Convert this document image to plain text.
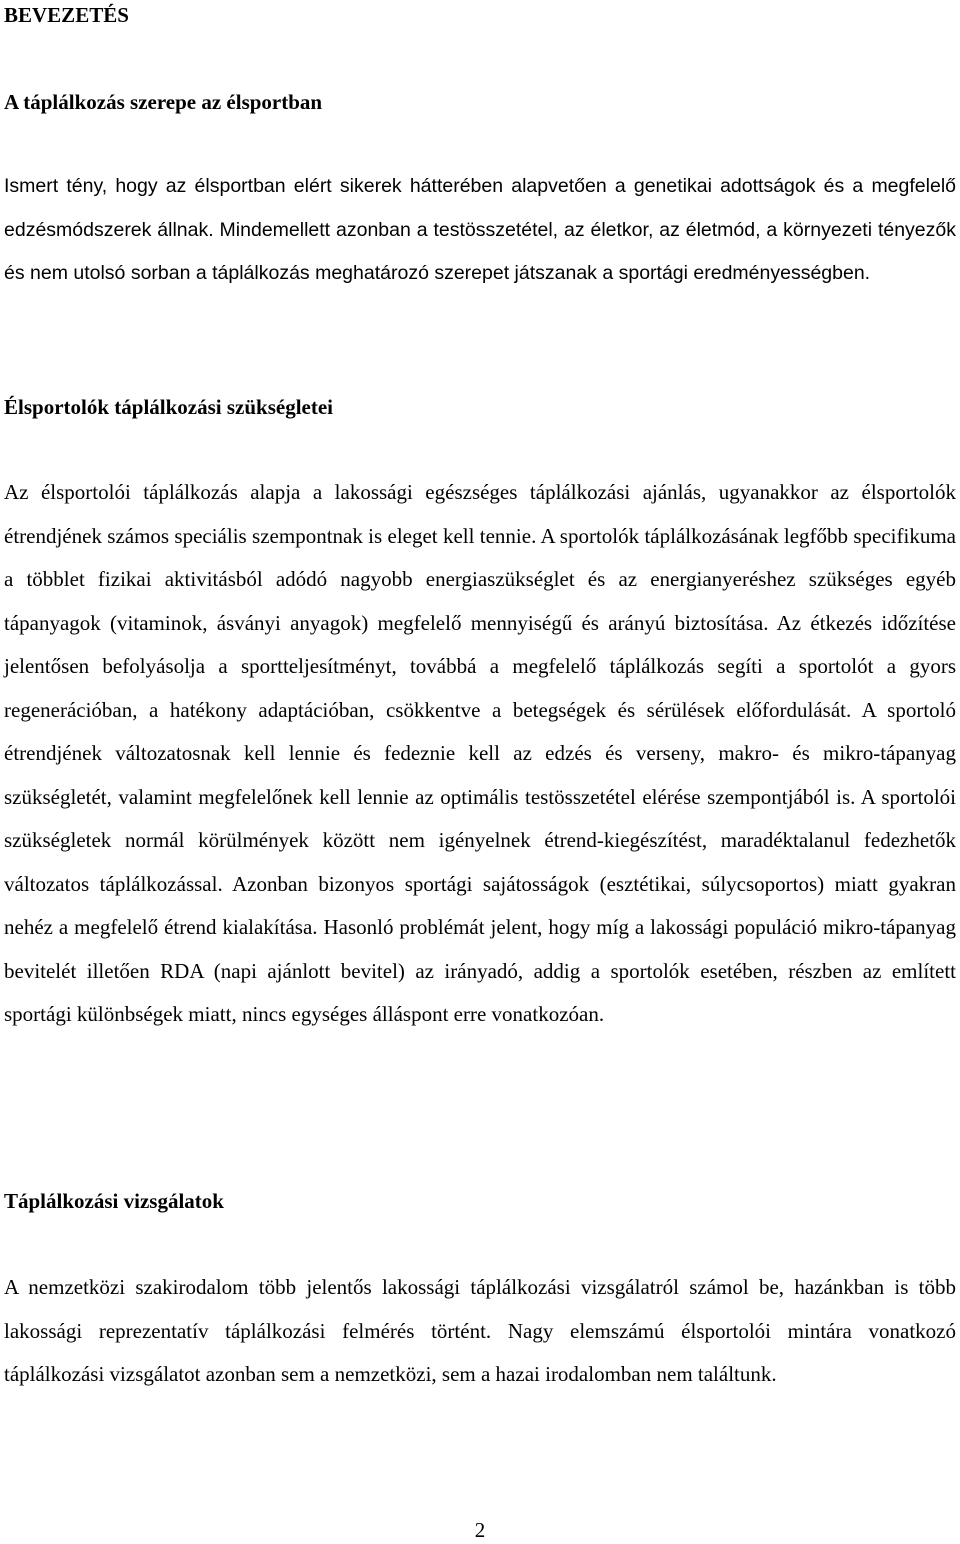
BEVEZETÉS
A táplálkozás szerepe az élsportban

Ismert tény, hogy az élsportban elért sikerek hátterében alapvetően a genetikai adottságok és a megfelelő edzésmódszerek állnak. Mindemellett azonban a testösszetétel, az életkor, az életmód, a környezeti tényezők és nem utolsó sorban a táplálkozás meghatározó szerepet játszanak a sportági eredményességben.

Élsportolók táplálkozási szükségletei

Az élsportolói táplálkozás alapja a lakossági egészséges táplálkozási ajánlás, ugyanakkor az élsportolók étrendjének számos speciális szempontnak is eleget kell tennie. A sportolók táplálkozásának legfőbb specifikuma a többlet fizikai aktivitásból adódó nagyobb energiaszükséglet és az energianyeréshez szükséges egyéb tápanyagok (vitaminok, ásványi anyagok) megfelelő mennyiségű és arányú biztosítása. Az étkezés időzítése jelentősen befolyásolja a sportteljesítményt, továbbá a megfelelő táplálkozás segíti a sportolót a gyors regenerációban, a hatékony adaptációban, csökkentve a betegségek és sérülések előfordulását. A sportoló étrendjének változatosnak kell lennie és fedeznie kell az edzés és verseny, makro- és mikro-tápanyag szükségletét, valamint megfelelőnek kell lennie az optimális testösszetétel elérése szempontjából is. A sportolói szükségletek normál körülmények között nem igényelnek étrend-kiegészítést, maradéktalanul fedezhetők változatos táplálkozással. Azonban bizonyos sportági sajátosságok (esztétikai, súlycsoportos) miatt gyakran nehéz a megfelelő étrend kialakítása. Hasonló problémát jelent, hogy míg a lakossági populáció mikro-tápanyag bevitelét illetően RDA (napi ajánlott bevitel) az irányadó, addig a sportolók esetében, részben az említett sportági különbségek miatt, nincs egységes álláspont erre vonatkozóan.

Táplálkozási vizsgálatok

A nemzetközi szakirodalom több jelentős lakossági táplálkozási vizsgálatról számol be, hazánkban is több lakossági reprezentatív táplálkozási felmérés történt. Nagy elemszámú élsportolói mintára vonatkozó táplálkozási vizsgálatot azonban sem a nemzetközi, sem a hazai irodalomban nem találtunk.

2
